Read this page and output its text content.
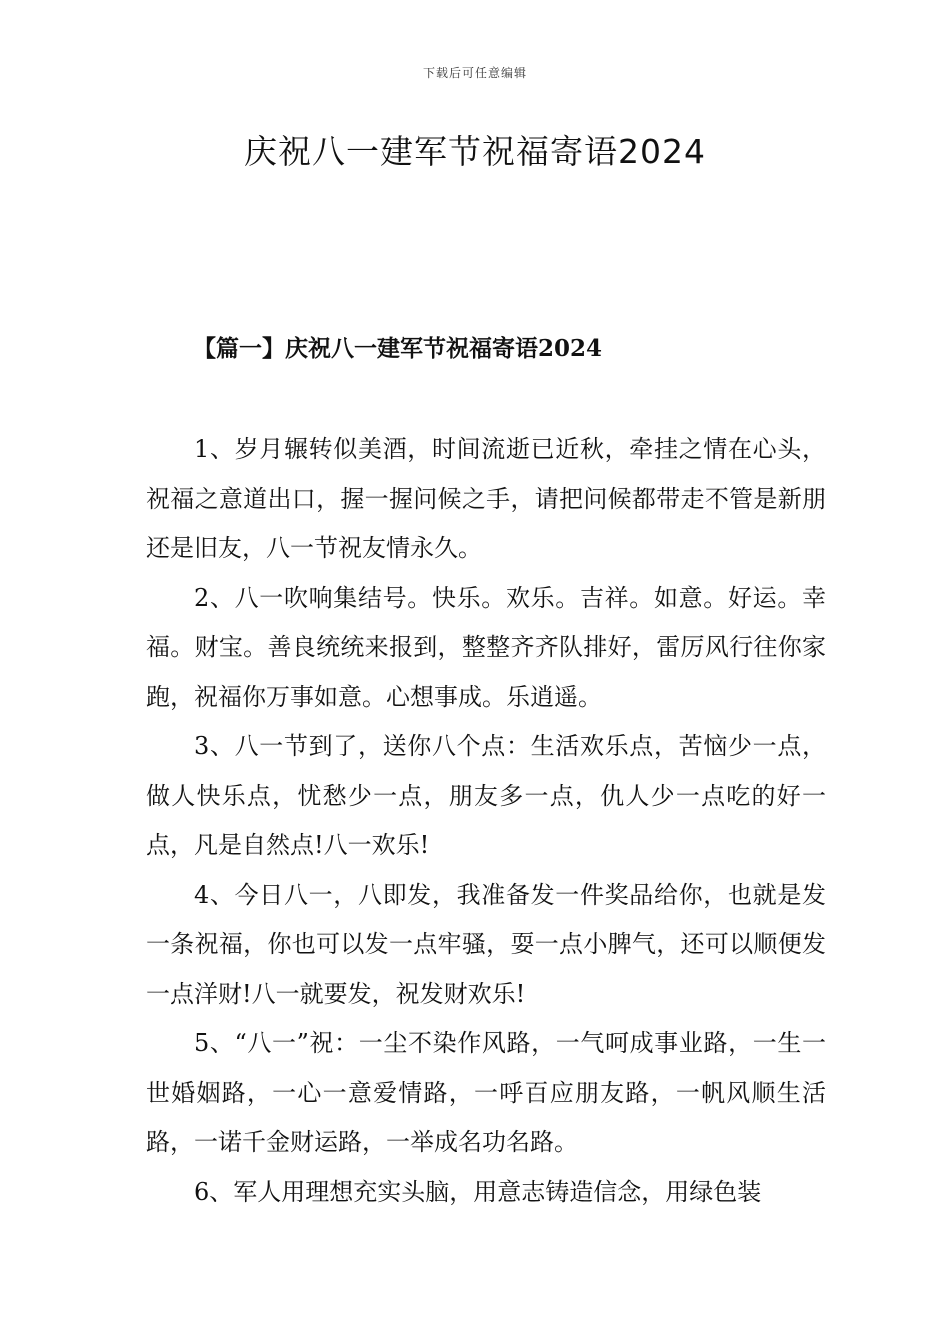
下载后可任意编辑
庆祝八一建军节祝福寄语2024
【篇一】庆祝八一建军节祝福寄语2024

1、岁月辗转似美酒，时间流逝已近秋，牵挂之情在心头，祝福之意道出口，握一握问候之手，请把问候都带走不管是新朋还是旧友，八一节祝友情永久。

2、八一吹响集结号。快乐。欢乐。吉祥。如意。好运。幸福。财宝。善良统统来报到，整整齐齐队排好，雷厉风行往你家跑，祝福你万事如意。心想事成。乐逍遥。

3、八一节到了，送你八个点：生活欢乐点，苦恼少一点，做人快乐点，忧愁少一点，朋友多一点，仇人少一点吃的好一点，凡是自然点!八一欢乐!

4、今日八一，八即发，我准备发一件奖品给你，也就是发一条祝福，你也可以发一点牢骚，耍一点小脾气，还可以顺便发一点洋财!八一就要发，祝发财欢乐!

5、“八一”祝：一尘不染作风路，一气呵成事业路，一生一世婚姻路，一心一意爱情路，一呼百应朋友路，一帆风顺生活路，一诺千金财运路，一举成名功名路。

6、军人用理想充实头脑，用意志铸造信念，用绿色装
